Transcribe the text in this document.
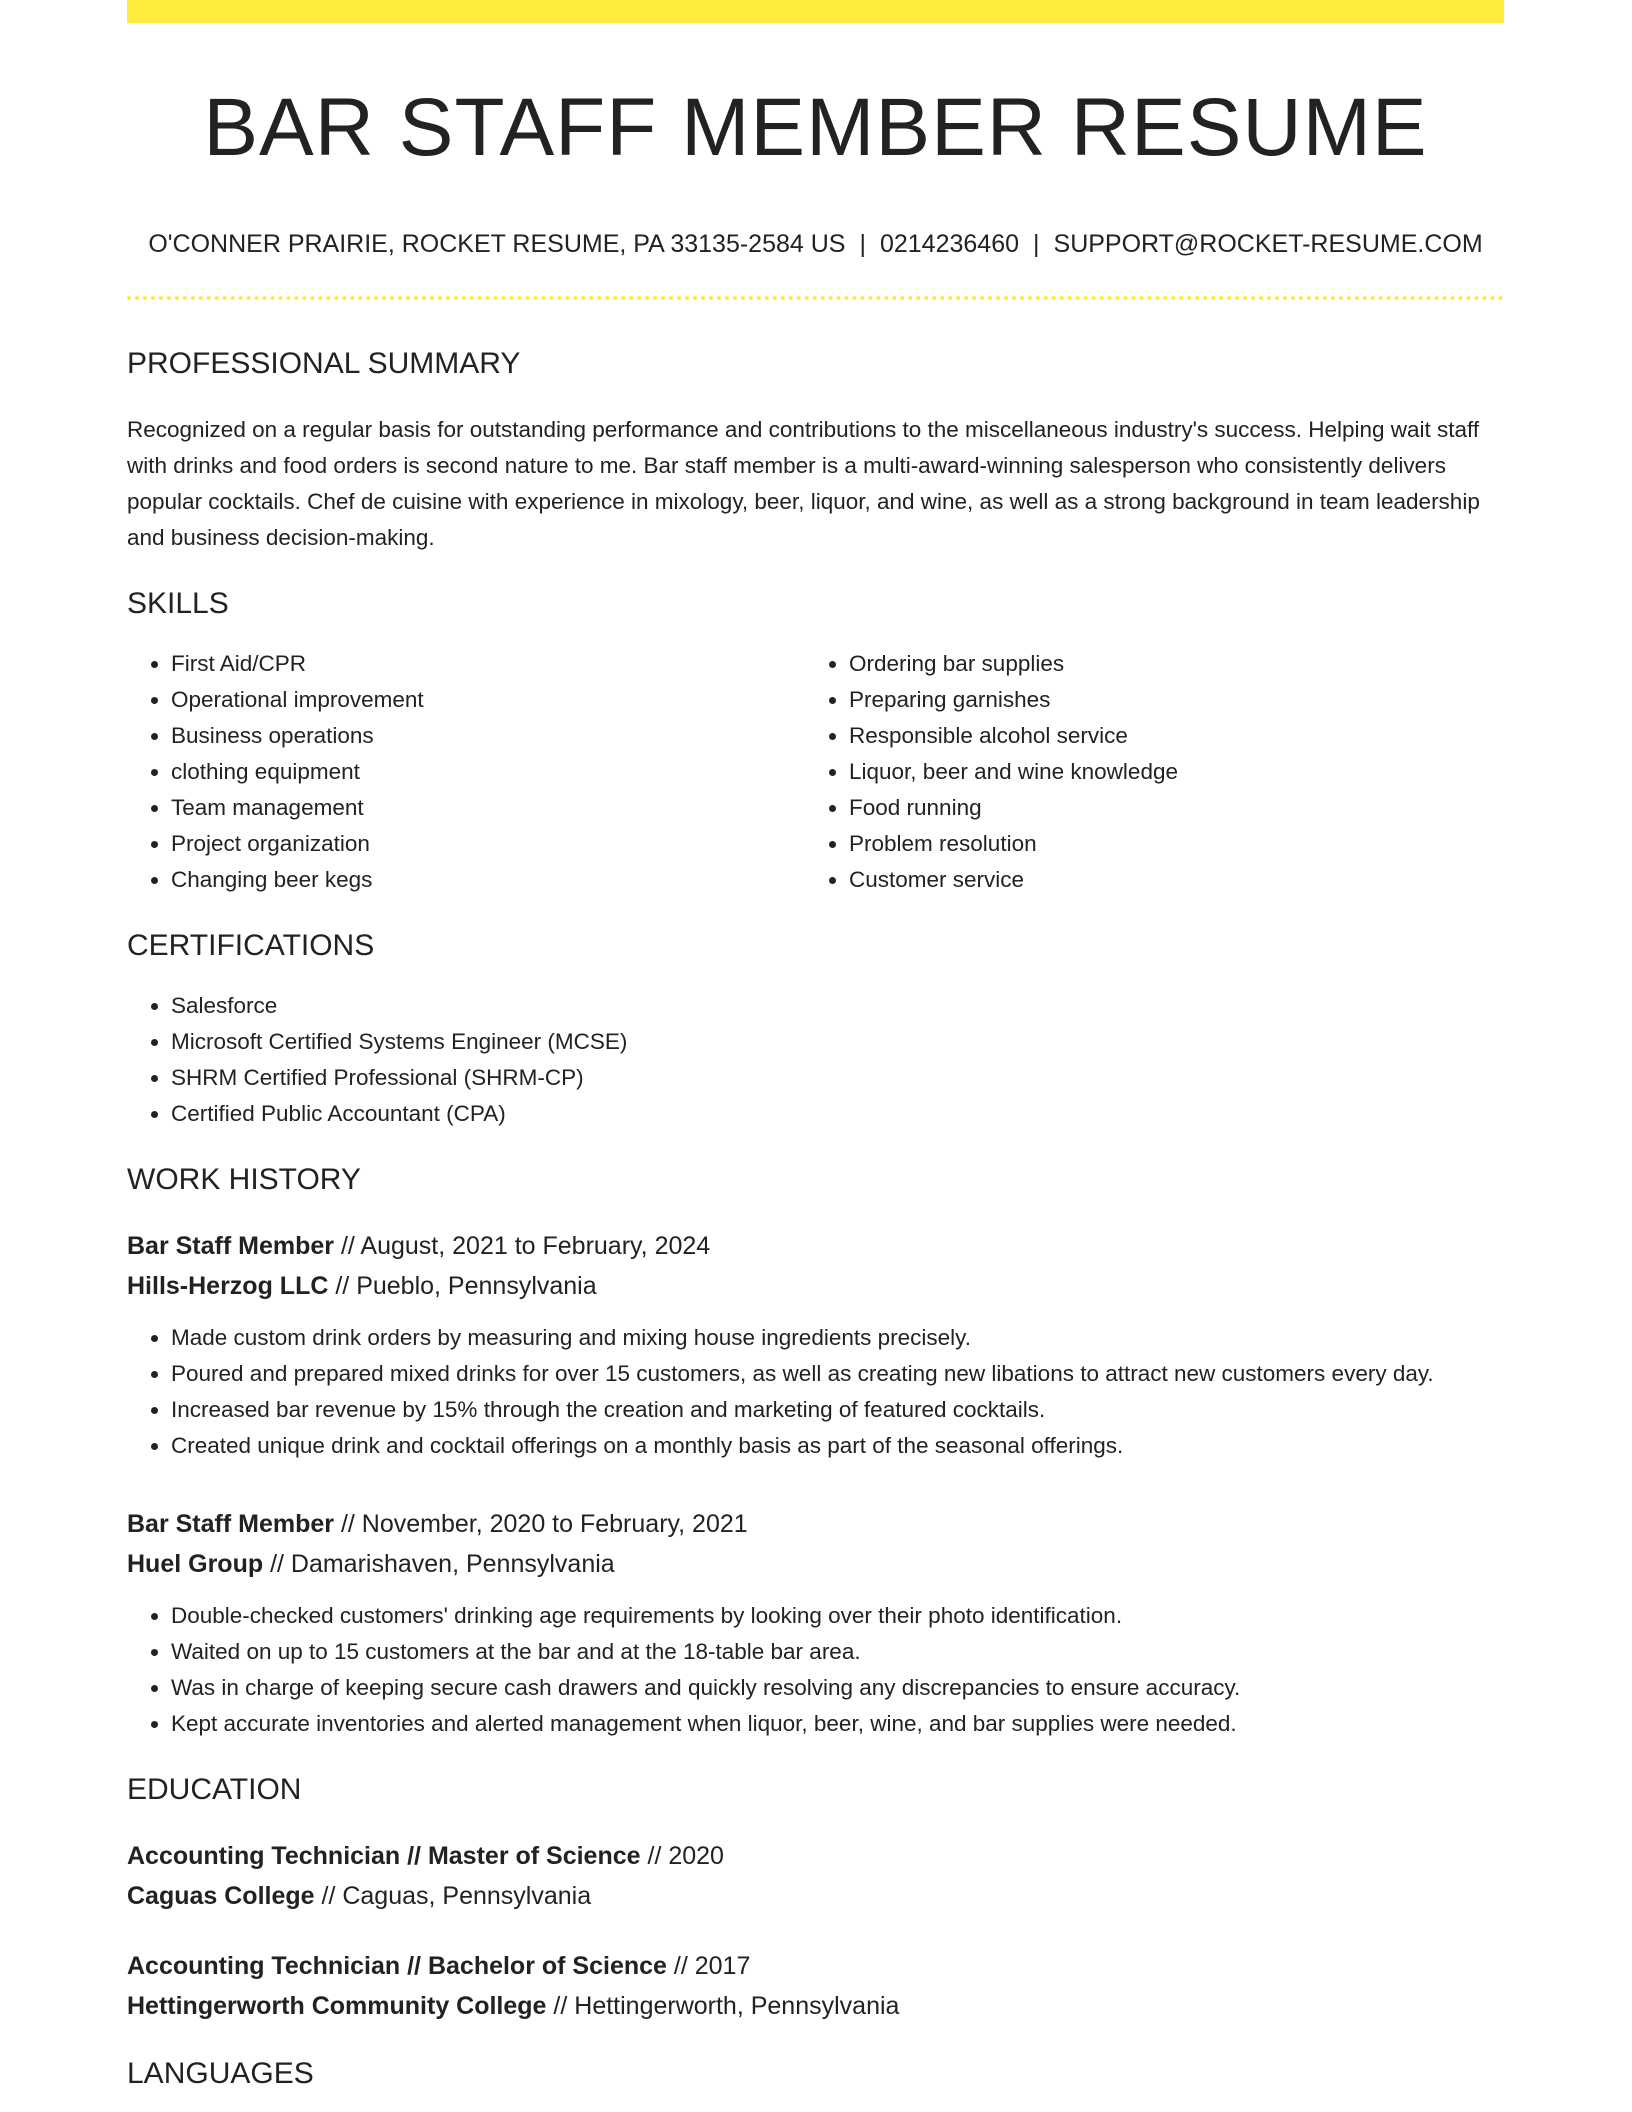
BAR STAFF MEMBER RESUME
O'CONNER PRAIRIE, ROCKET RESUME, PA 33135-2584 US | 0214236460 | SUPPORT@ROCKET-RESUME.COM
PROFESSIONAL SUMMARY

Recognized on a regular basis for outstanding performance and contributions to the miscellaneous industry's success. Helping wait staff with drinks and food orders is second nature to me. Bar staff member is a multi-award-winning salesperson who consistently delivers popular cocktails. Chef de cuisine with experience in mixology, beer, liquor, and wine, as well as a strong background in team leadership and business decision-making.

SKILLS
• First Aid/CPR
• Operational improvement
• Business operations
• clothing equipment
• Team management
• Project organization
• Changing beer kegs
• Ordering bar supplies
• Preparing garnishes
• Responsible alcohol service
• Liquor, beer and wine knowledge
• Food running
• Problem resolution
• Customer service
CERTIFICATIONS
• Salesforce
• Microsoft Certified Systems Engineer (MCSE)
• SHRM Certified Professional (SHRM-CP)
• Certified Public Accountant (CPA)
WORK HISTORY
Bar Staff Member // August, 2021 to February, 2024
Hills-Herzog LLC // Pueblo, Pennsylvania
• Made custom drink orders by measuring and mixing house ingredients precisely.
• Poured and prepared mixed drinks for over 15 customers, as well as creating new libations to attract new customers every day.
• Increased bar revenue by 15% through the creation and marketing of featured cocktails.
• Created unique drink and cocktail offerings on a monthly basis as part of the seasonal offerings.
Bar Staff Member // November, 2020 to February, 2021
Huel Group // Damarishaven, Pennsylvania
• Double-checked customers' drinking age requirements by looking over their photo identification.
• Waited on up to 15 customers at the bar and at the 18-table bar area.
• Was in charge of keeping secure cash drawers and quickly resolving any discrepancies to ensure accuracy.
• Kept accurate inventories and alerted management when liquor, beer, wine, and bar supplies were needed.
EDUCATION
Accounting Technician // Master of Science // 2020
Caguas College // Caguas, Pennsylvania
Accounting Technician // Bachelor of Science // 2017
Hettingerworth Community College // Hettingerworth, Pennsylvania
LANGUAGES
